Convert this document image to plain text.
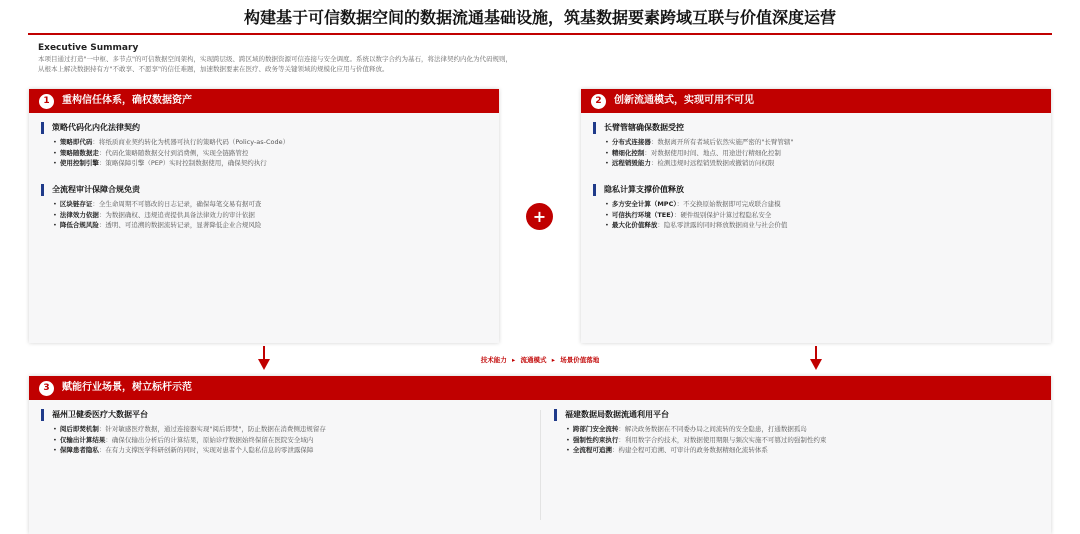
构建基于可信数据空间的数据流通基础设施，筑基数据要素跨域互联与价值深度运营
Executive Summary
本项目通过打造"一中枢、多节点"的可信数据空间架构，实现跨层级、跨区域的数据资源可信连接与安全调度。系统以数字合约为基石，将法律契约内化为代码规则，
从根本上解决数据持有方"不敢享、不愿享"的信任难题，加速数据要素在医疗、政务等关键领域的规模化应用与价值释放。
1	重构信任体系，确权数据资产
策略代码化内化法律契约
• 策略即代码：将纸质商业契约转化为机器可执行的策略代码（Policy-as-Code）
• 策略随数据走：代码化策略随数据交付到消费侧，实现全链路管控
• 使用控制引擎：策略保障引擎（PEP）实时控制数据使用，确保契约执行
全流程审计保障合规免责
• 区块链存证：全生命周期不可篡改的日志记录，确保每笔交易有据可查
• 法律效力依据：为数据确权、违规追责提供具备法律效力的审计依据
• 降低合规风险：透明、可追溯的数据流转记录，显著降低企业合规风险	+
2	创新流通模式，实现可用不可见
长臂管辖确保数据受控
• 分布式连接器：数据离开所有者域后依然实施严密的"长臂管辖"
• 精细化控制：对数据使用时间、地点、用途进行精细化控制
• 远程销毁能力：检测违规时远程销毁数据或撤销访问权限
隐私计算支撑价值释放
• 多方安全计算（MPC）：不交换原始数据即可完成联合建模
• 可信执行环境（TEE）：硬件级别保护计算过程隐私安全
• 最大化价值释放：隐私零泄露的同时释放数据商业与社会价值
技术能力 ▸ 流通模式 ▸ 场景价值落地
3	赋能行业场景，树立标杆示范
福州卫健委医疗大数据平台
• 阅后即焚机制：针对敏感医疗数据，通过连接器实现"阅后即焚"，防止数据在消费侧违规留存
• 仅输出计算结果：确保仅输出分析后的计算结果，原始诊疗数据始终保留在医院安全域内
• 保障患者隐私：在有力支撑医学科研创新的同时，实现对患者个人隐私信息的零泄露保障
福建数据局数据流通利用平台
• 跨部门安全流转：解决政务数据在不同委办局之间流转的安全隐患，打通数据孤岛
• 强制性约束执行：利用数字合约技术，对数据使用期限与频次实施不可篡过的强制性约束
• 全流程可追溯：构建全程可追溯、可审计的政务数据精细化流转体系
